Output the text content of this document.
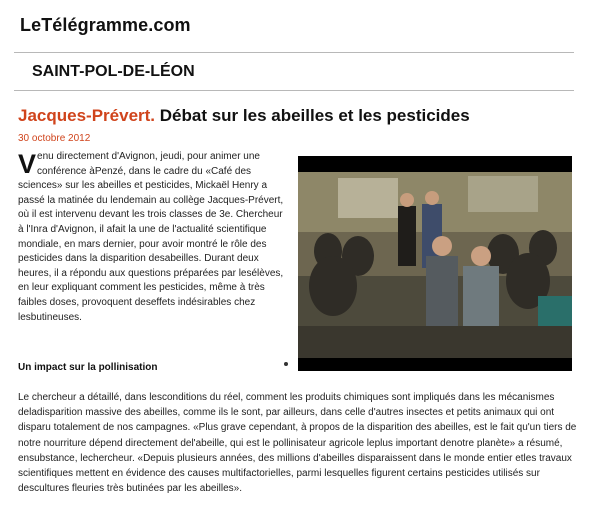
LeTélégramme.com
SAINT-POL-DE-LÉON
Jacques-Prévert. Débat sur les abeilles et les pesticides
30 octobre 2012
Venu directement d'Avignon, jeudi, pour animer une conférence àPenzé, dans le cadre du «Café des sciences» sur les abeilles et pesticides, Mickaël Henry a passé la matinée du lendemain au collège Jacques-Prévert, où il est intervenu devant les trois classes de 3e. Chercheur à l'Inra d'Avignon, il afait la une de l'actualité scientifique mondiale, en mars dernier, pour avoir montré le rôle des pesticides dans la disparition desabeilles. Durant deux heures, il a répondu aux questions préparées par lesélèves, en leur expliquant comment les pesticides, même à très faibles doses, provoquent deseffets indésirables chez lesbutineuses.
Un impact sur la pollinisation
Le chercheur a détaillé, dans lesconditions du réel, comment les produits chimiques sont impliqués dans les mécanismes deladisparition massive des abeilles, comme ils le sont, par ailleurs, dans celle d'autres insectes et petits animaux qui ont disparu totalement de nos campagnes. «Plus grave cependant, à propos de la disparition des abeilles, est le fait qu'un tiers de notre nourriture dépend directement del'abeille, qui est le pollinisateur agricole leplus important denotre planète» a résumé, ensubstance, lechercheur. «Depuis plusieurs années, des millions d'abeilles disparaissent dans le monde entier etles travaux scientifiques mettent en évidence des causes multifactorielles, parmi lesquelles figurent certains pesticides utilisés sur descultures fleuries très butinées par les abeilles».
